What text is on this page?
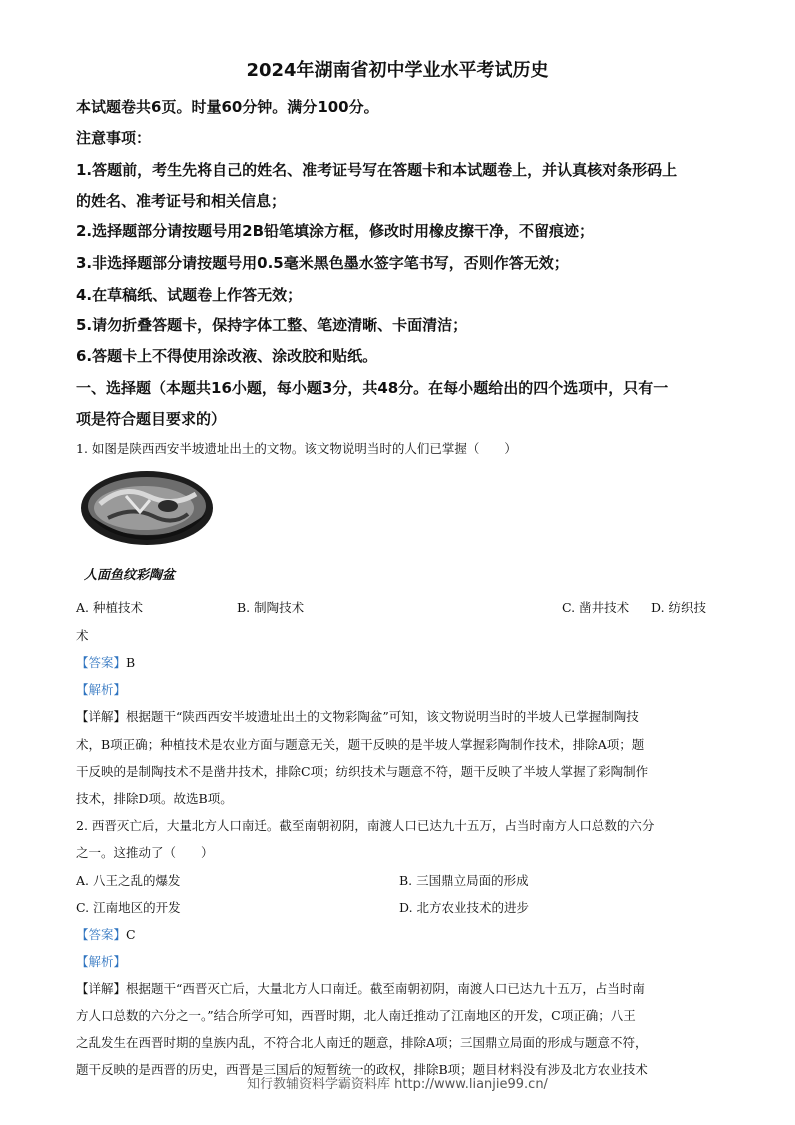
2024年湖南省初中学业水平考试历史
本试题卷共6页。时量60分钟。满分100分。
注意事项：
1.答题前，考生先将自己的姓名、准考证号写在答题卡和本试题卷上，并认真核对条形码上
的姓名、准考证号和相关信息；
2.选择题部分请按题号用2B铅笔填涂方框，修改时用橡皮擦干净，不留痕迹；
3.非选择题部分请按题号用0.5毫米黑色墨水签字笔书写，否则作答无效；
4.在草稿纸、试题卷上作答无效；
5.请勿折叠答题卡，保持字体工整、笔迹清晰、卡面清洁；
6.答题卡上不得使用涂改液、涂改胶和贴纸。
一、选择题（本题共16小题，每小题3分，共48分。在每小题给出的四个选项中，只有一
项是符合题目要求的）
1. 如图是陕西西安半坡遗址出土的文物。该文物说明当时的人们已掌握（　　）
人面鱼纹彩陶盆
A. 种植技术	B. 制陶技术	C. 凿井技术 D. 纺织技
术
【答案】B
【解析】
【详解】根据题干“陕西西安半坡遗址出土的文物彩陶盆”可知，该文物说明当时的半坡人已掌握制陶技
术，B项正确；种植技术是农业方面与题意无关，题干反映的是半坡人掌握彩陶制作技术，排除A项；题
干反映的是制陶技术不是凿井技术，排除C项；纺织技术与题意不符，题干反映了半坡人掌握了彩陶制作
技术，排除D项。故选B项。
2. 西晋灭亡后，大量北方人口南迁。截至南朝初阴，南渡人口已达九十五万，占当时南方人口总数的六分
之一。这推动了（　　）
A. 八王之乱的爆发	B. 三国鼎立局面的形成
C. 江南地区的开发	D. 北方农业技术的进步
【答案】C
【解析】
【详解】根据题干“西晋灭亡后，大量北方人口南迁。截至南朝初阴，南渡人口已达九十五万，占当时南
方人口总数的六分之一。”结合所学可知，西晋时期，北人南迁推动了江南地区的开发，C项正确；八王
之乱发生在西晋时期的皇族内乱，不符合北人南迁的题意，排除A项；三国鼎立局面的形成与题意不符，
题干反映的是西晋的历史，西晋是三国后的短暂统一的政权，排除B项；题目材料没有涉及北方农业技术
知行教辅资料学霸资料库 http://www.lianjie99.cn/
